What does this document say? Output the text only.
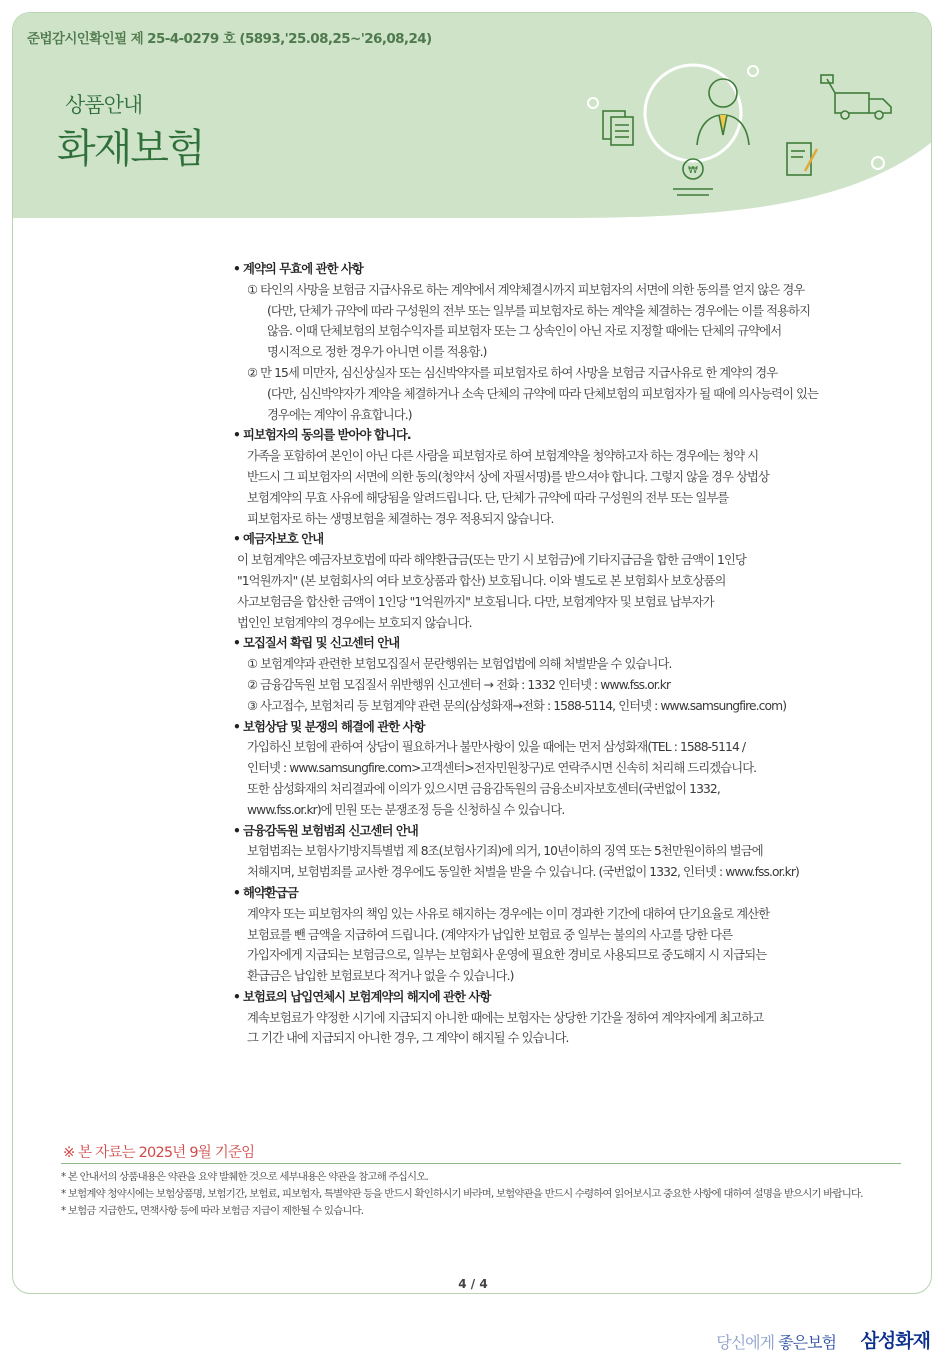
준법감시인확인필 제 25-4-0279 호 (5893,'25.08,25~'26,08,24)
상품안내
화재보험	₩
• 계약의 무효에 관한 사항
① 타인의 사망을 보험금 지급사유로 하는 계약에서 계약체결시까지 피보험자의 서면에 의한 동의를 얻지 않은 경우
(다만, 단체가 규약에 따라 구성원의 전부 또는 일부를 피보험자로 하는 계약을 체결하는 경우에는 이를 적용하지
않음. 이때 단체보험의 보험수익자를 피보험자 또는 그 상속인이 아닌 자로 지정할 때에는 단체의 규약에서
명시적으로 정한 경우가 아니면 이를 적용함.)
② 만 15세 미만자, 심신상실자 또는 심신박약자를 피보험자로 하여 사망을 보험금 지급사유로 한 계약의 경우
(다만, 심신박약자가 계약을 체결하거나 소속 단체의 규약에 따라 단체보험의 피보험자가 될 때에 의사능력이 있는
경우에는 계약이 유효합니다.)
• 피보험자의 동의를 받아야 합니다.
가족을 포함하여 본인이 아닌 다른 사람을 피보험자로 하여 보험계약을 청약하고자 하는 경우에는 청약 시
반드시 그 피보험자의 서면에 의한 동의(청약서 상에 자필서명)를 받으셔야 합니다. 그렇지 않을 경우 상법상
보험계약의 무효 사유에 해당됨을 알려드립니다. 단, 단체가 규약에 따라 구성원의 전부 또는 일부를
피보험자로 하는 생명보험을 체결하는 경우 적용되지 않습니다.
• 예금자보호 안내
이 보험계약은 예금자보호법에 따라 해약환급금(또는 만기 시 보험금)에 기타지급금을 합한 금액이 1인당
"1억원까지" (본 보험회사의 여타 보호상품과 합산) 보호됩니다. 이와 별도로 본 보험회사 보호상품의
사고보험금을 합산한 금액이 1인당 "1억원까지" 보호됩니다. 다만, 보험계약자 및 보험료 납부자가
법인인 보험계약의 경우에는 보호되지 않습니다.
• 모집질서 확립 및 신고센터 안내
① 보험계약과 관련한 보험모집질서 문란행위는 보험업법에 의해 처벌받을 수 있습니다.
② 금융감독원 보험 모집질서 위반행위 신고센터 → 전화 : 1332 인터넷 : www.fss.or.kr
③ 사고접수, 보험처리 등 보험계약 관련 문의(삼성화재→전화 : 1588-5114, 인터넷 : www.samsungfire.com)
• 보험상담 및 분쟁의 해결에 관한 사항
가입하신 보험에 관하여 상담이 필요하거나 불만사항이 있을 때에는 먼저 삼성화재(TEL : 1588-5114 /
인터넷 : www.samsungfire.com>고객센터>전자민원창구)로 연락주시면 신속히 처리해 드리겠습니다.
또한 삼성화재의 처리결과에 이의가 있으시면 금융감독원의 금융소비자보호센터(국번없이 1332,
www.fss.or.kr)에 민원 또는 분쟁조정 등을 신청하실 수 있습니다.
• 금융감독원 보험범죄 신고센터 안내
보험범죄는 보험사기방지특별법 제 8조(보험사기죄)에 의거, 10년이하의 징역 또는 5천만원이하의 벌금에
처해지며, 보험범죄를 교사한 경우에도 동일한 처벌을 받을 수 있습니다. (국번없이 1332, 인터넷 : www.fss.or.kr)
• 해약환급금
계약자 또는 피보험자의 책임 있는 사유로 해지하는 경우에는 이미 경과한 기간에 대하여 단기요율로 계산한
보험료를 뺀 금액을 지급하여 드립니다. (계약자가 납입한 보험료 중 일부는 불의의 사고를 당한 다른
가입자에게 지급되는 보험금으로, 일부는 보험회사 운영에 필요한 경비로 사용되므로 중도해지 시 지급되는
환급금은 납입한 보험료보다 적거나 없을 수 있습니다.)
• 보험료의 납입연체시 보험계약의 해지에 관한 사항
계속보험료가 약정한 시기에 지급되지 아니한 때에는 보험자는 상당한 기간을 정하여 계약자에게 최고하고
그 기간 내에 지급되지 아니한 경우, 그 계약이 해지될 수 있습니다.
※ 본 자료는 2025년 9월 기준임
* 본 안내서의 상품내용은 약관을 요약 발췌한 것으로 세부내용은 약관을 참고해 주십시오.
* 보험계약 청약시에는 보험상품명, 보험기간, 보험료, 피보험자, 특별약관 등을 반드시 확인하시기 바라며, 보험약관을 반드시 수령하여 읽어보시고 중요한 사항에 대하여 설명을 받으시기 바랍니다.
* 보험금 지급한도, 면책사항 등에 따라 보험금 지급이 제한될 수 있습니다.
4 / 4
당신에게 좋은보험 삼성화재
